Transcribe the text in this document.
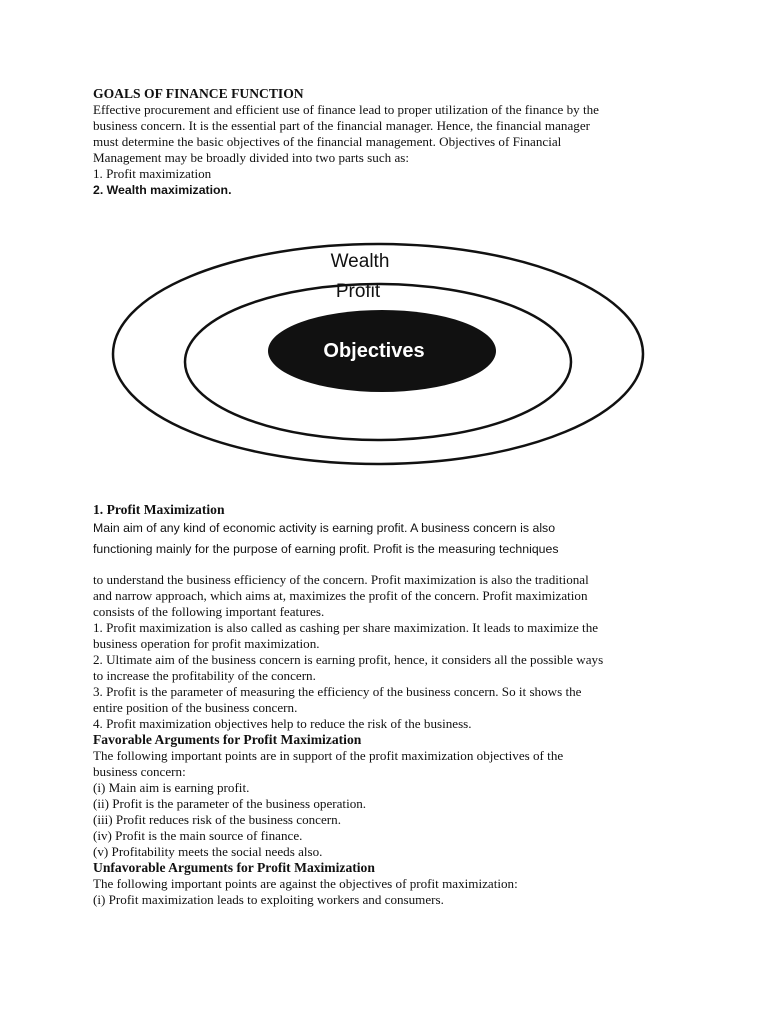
GOALS OF FINANCE FUNCTION

Effective procurement and efficient use of finance lead to proper utilization of the finance by the

business concern. It is the essential part of the financial manager. Hence, the financial manager

must determine the basic objectives of the financial management. Objectives of Financial

Management may be broadly divided into two parts such as:

1. Profit maximization

2. Wealth maximization.

Wealth
Profit
Objectives

1. Profit Maximization

Main aim of any kind of economic activity is earning profit. A business concern is also

functioning mainly for the purpose of earning profit. Profit is the measuring techniques

to understand the business efficiency of the concern. Profit maximization is also the traditional

and narrow approach, which aims at, maximizes the profit of the concern. Profit maximization

consists of the following important features.

1. Profit maximization is also called as cashing per share maximization. It leads to maximize the

business operation for profit maximization.

2. Ultimate aim of the business concern is earning profit, hence, it considers all the possible ways

to increase the profitability of the concern.

3. Profit is the parameter of measuring the efficiency of the business concern. So it shows the

entire position of the business concern.

4. Profit maximization objectives help to reduce the risk of the business.

Favorable Arguments for Profit Maximization

The following important points are in support of the profit maximization objectives of the

business concern:

(i) Main aim is earning profit.

(ii) Profit is the parameter of the business operation.

(iii) Profit reduces risk of the business concern.

(iv) Profit is the main source of finance.

(v) Profitability meets the social needs also.

Unfavorable Arguments for Profit Maximization

The following important points are against the objectives of profit maximization:

(i) Profit maximization leads to exploiting workers and consumers.
